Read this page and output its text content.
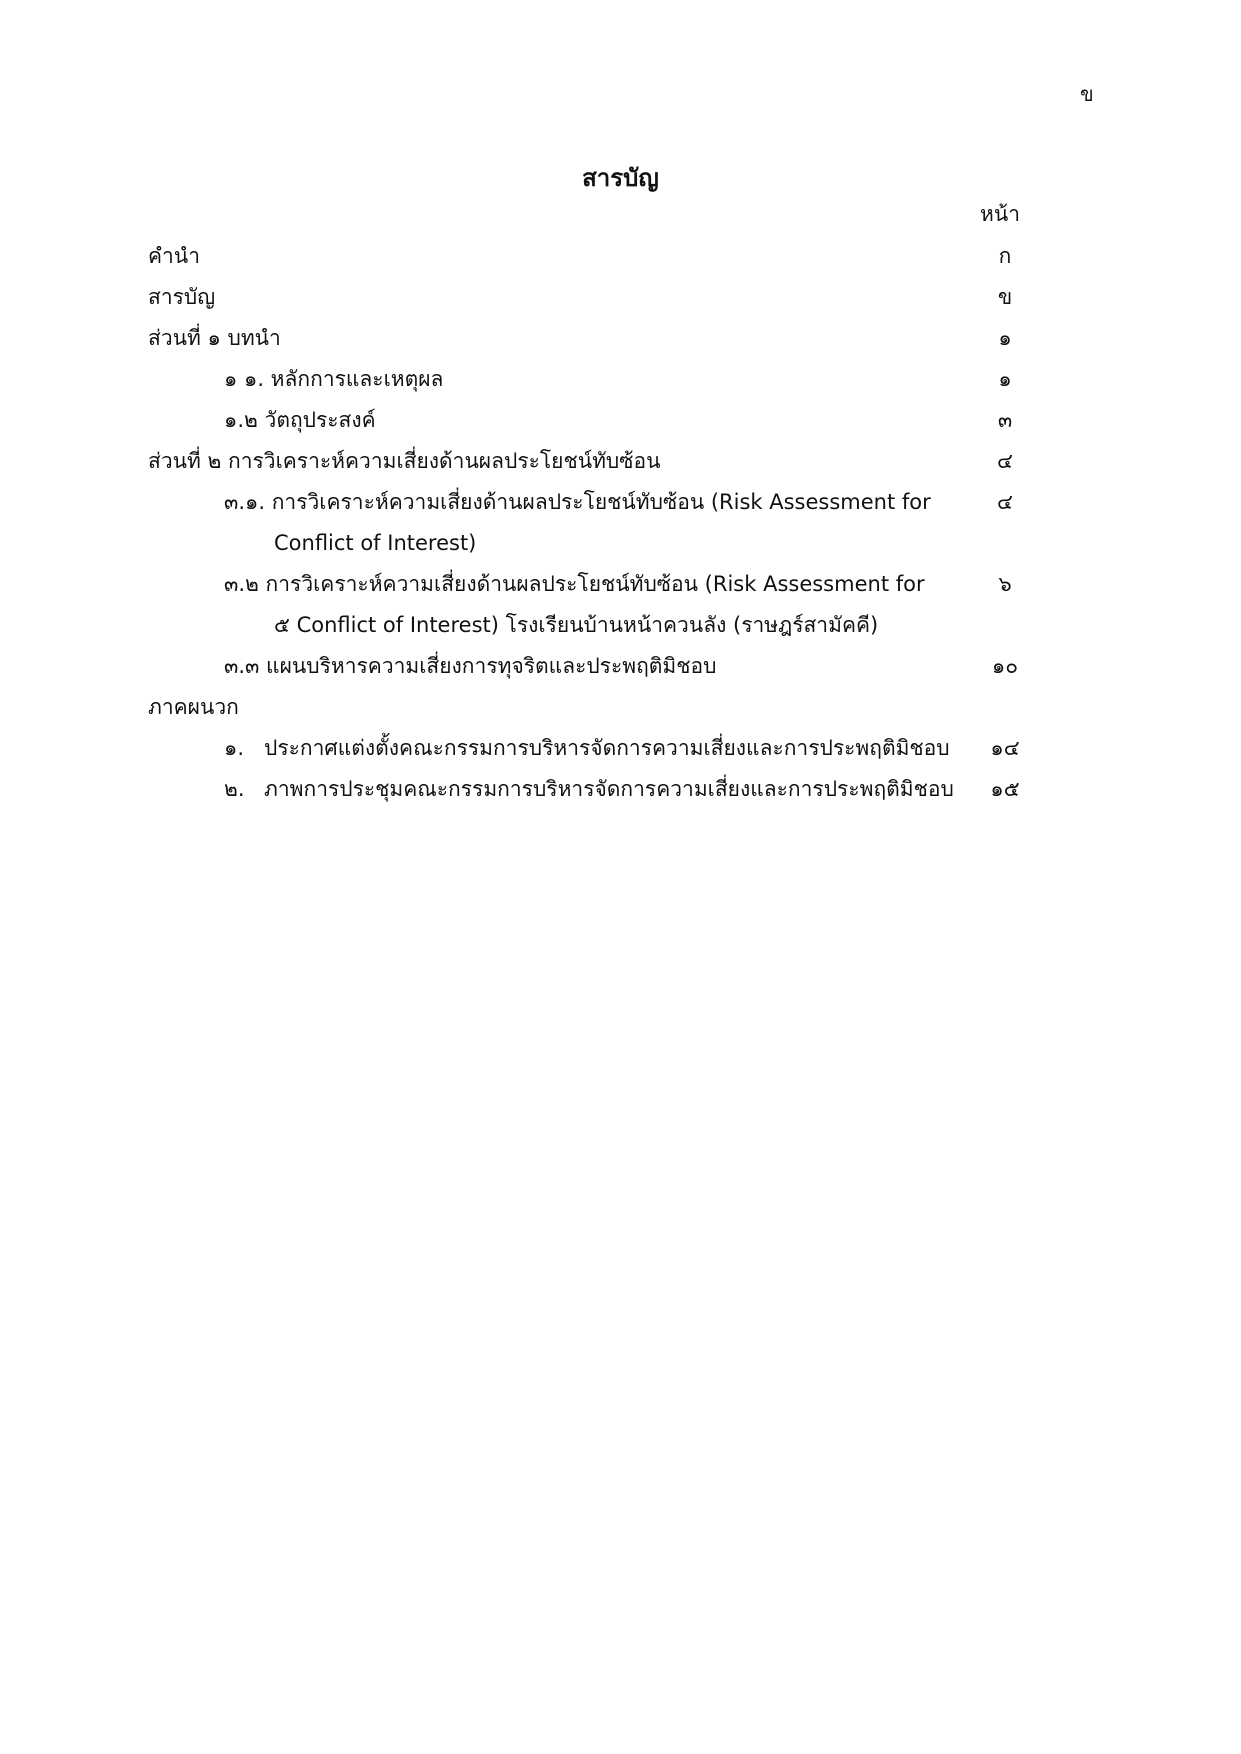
ข
สารบัญ
หน้า
คำนำ	ก
สารบัญ	ข
ส่วนที่ ๑ บทนำ	๑
๑ ๑. หลักการและเหตุผล	๑
๑.๒ วัตถุประสงค์	๓
ส่วนที่ ๒ การวิเคราะห์ความเสี่ยงด้านผลประโยชน์ทับซ้อน	๔
๓.๑. การวิเคราะห์ความเสี่ยงด้านผลประโยชน์ทับซ้อน (Risk Assessment for	๔
Conflict of Interest)
๓.๒ การวิเคราะห์ความเสี่ยงด้านผลประโยชน์ทับซ้อน (Risk Assessment for	๖
๕ Conflict of Interest) โรงเรียนบ้านหน้าควนลัง (ราษฎร์สามัคคี)
๓.๓ แผนบริหารความเสี่ยงการทุจริตและประพฤติมิชอบ	๑๐
ภาคผนวก
๑. ประกาศแต่งตั้งคณะกรรมการบริหารจัดการความเสี่ยงและการประพฤติมิชอบ	๑๔
๒. ภาพการประชุมคณะกรรมการบริหารจัดการความเสี่ยงและการประพฤติมิชอบ	๑๕
